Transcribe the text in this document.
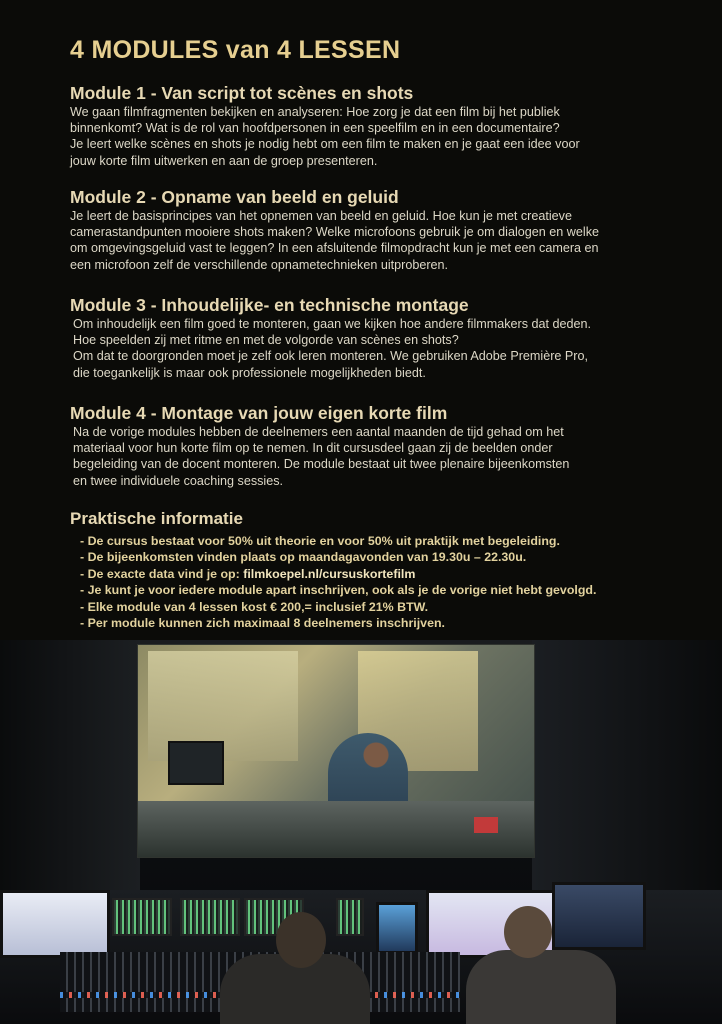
4 MODULES van 4 LESSEN
Module 1 - Van script tot scènes en shots

We gaan filmfragmenten bekijken en analyseren: Hoe zorg je dat een film bij het publiek
binnenkomt? Wat is de rol van hoofdpersonen in een speelfilm en in een documentaire?
Je leert welke scènes en shots je nodig hebt om een film te maken en je gaat een idee voor
jouw korte film uitwerken en aan de groep presenteren.

Module 2 - Opname van beeld en geluid

Je leert de basisprincipes van het opnemen van beeld en geluid. Hoe kun je met creatieve
camerastandpunten mooiere shots maken? Welke microfoons gebruik je om dialogen en welke
om omgevingsgeluid vast te leggen? In een afsluitende filmopdracht kun je met een camera en
een microfoon zelf de verschillende opnametechnieken uitproberen.

Module 3 - Inhoudelijke- en technische montage

Om inhoudelijk een film goed te monteren, gaan we kijken hoe andere filmmakers dat deden.
Hoe speelden zij met ritme en met de volgorde van scènes en shots?
Om dat te doorgronden moet je zelf ook leren monteren. We gebruiken Adobe Première Pro,
die toegankelijk is maar ook professionele mogelijkheden biedt.

Module 4 - Montage van jouw eigen korte film

Na de vorige modules hebben de deelnemers een aantal maanden de tijd gehad om het
materiaal voor hun korte film op te nemen. In dit cursusdeel gaan zij de beelden onder
begeleiding van de docent monteren. De module bestaat uit twee plenaire bijeenkomsten
en twee individuele coaching sessies.

Praktische informatie
- De cursus bestaat voor 50% uit theorie en voor 50% uit praktijk met begeleiding.
- De bijeenkomsten vinden plaats op maandagavonden van 19.30u – 22.30u.
- De exacte data vind je op: filmkoepel.nl/cursuskortefilm
- Je kunt je voor iedere module apart inschrijven, ook als je de vorige niet hebt gevolgd.
- Elke module van 4 lessen kost € 200,= inclusief 21% BTW.
- Per module kunnen zich maximaal 8 deelnemers inschrijven.
